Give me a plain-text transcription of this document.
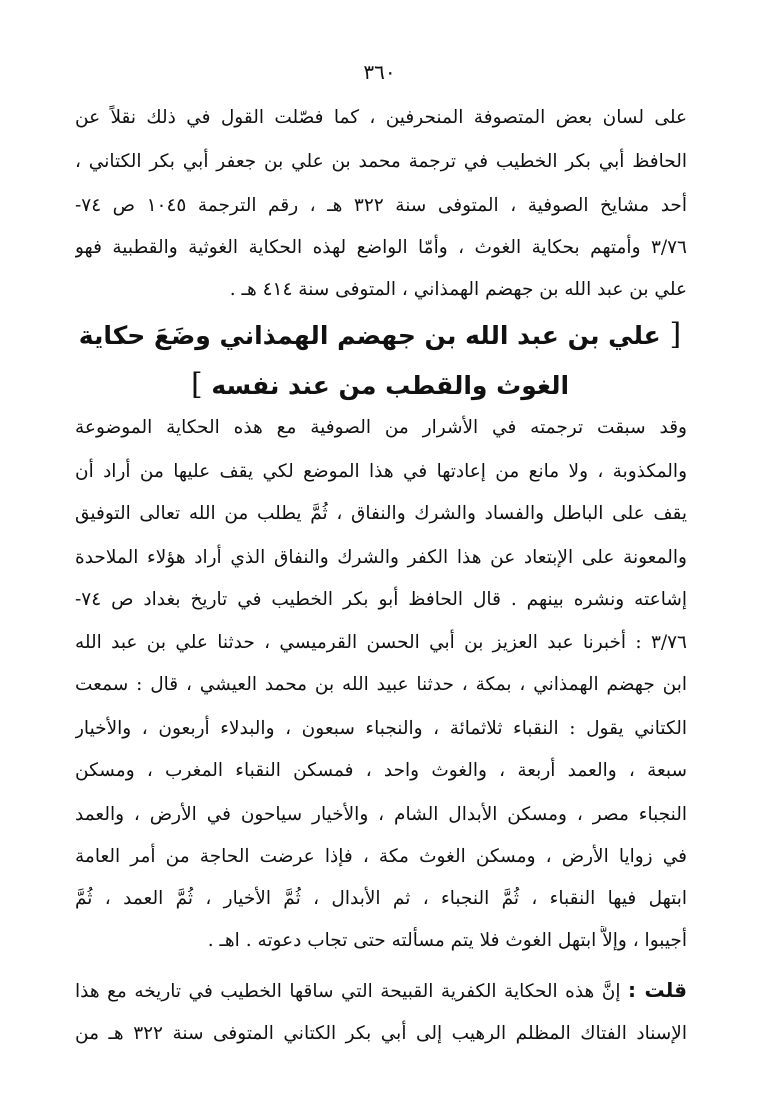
٣٦٠
على لسان بعض المتصوفة المنحرفين ، كما فصّلت القول في ذلك نقلاً عن
الحافظ أبي بكر الخطيب في ترجمة محمد بن علي بن جعفر أبي بكر الكتاني ،
أحد مشايخ الصوفية ، المتوفى سنة ٣٢٢ هـ ، رقم الترجمة ١٠٤٥ ص ٧٤-
٣/٧٦ وأمتهم بحكاية الغوث ، وأمّا الواضع لهذه الحكاية الغوثية والقطبية فهو
علي بن عبد الله بن جهضم الهمذاني ، المتوفى سنة ٤١٤ هـ .
[ علي بن عبد الله بن جهضم الهمذاني وضَعَ حكاية
الغوث والقطب من عند نفسه ]
وقد سبقت ترجمته في الأشرار من الصوفية مع هذه الحكاية الموضوعة
والمكذوبة ، ولا مانع من إعادتها في هذا الموضع لكي يقف عليها من أراد أن
يقف على الباطل والفساد والشرك والنفاق ، ثُمَّ يطلب من الله تعالى التوفيق
والمعونة على الإبتعاد عن هذا الكفر والشرك والنفاق الذي أراد هؤلاء الملاحدة
إشاعته ونشره بينهم . قال الحافظ أبو بكر الخطيب في تاريخ بغداد ص ٧٤-
٣/٧٦ : أخبرنا عبد العزيز بن أبي الحسن القرميسي ، حدثنا علي بن عبد الله
ابن جهضم الهمذاني ، بمكة ، حدثنا عبيد الله بن محمد العيشي ، قال : سمعت
الكتاني يقول : النقباء ثلاثمائة ، والنجباء سبعون ، والبدلاء أربعون ، والأخيار
سبعة ، والعمد أربعة ، والغوث واحد ، فمسكن النقباء المغرب ، ومسكن
النجباء مصر ، ومسكن الأبدال الشام ، والأخيار سياحون في الأرض ، والعمد
في زوايا الأرض ، ومسكن الغوث مكة ، فإذا عرضت الحاجة من أمر العامة
ابتهل فيها النقباء ، ثُمَّ النجباء ، ثم الأبدال ، ثُمَّ الأخيار ، ثُمَّ العمد ، ثُمَّ
أجيبوا ، وإلاَّ ابتهل الغوث فلا يتم مسألته حتى تجاب دعوته . اهـ .
قلت : إنَّ هذه الحكاية الكفرية القبيحة التي ساقها الخطيب في تاريخه مع هذا
الإسناد الفتاك المظلم الرهيب إلى أبي بكر الكتاني المتوفى سنة ٣٢٢ هـ من
